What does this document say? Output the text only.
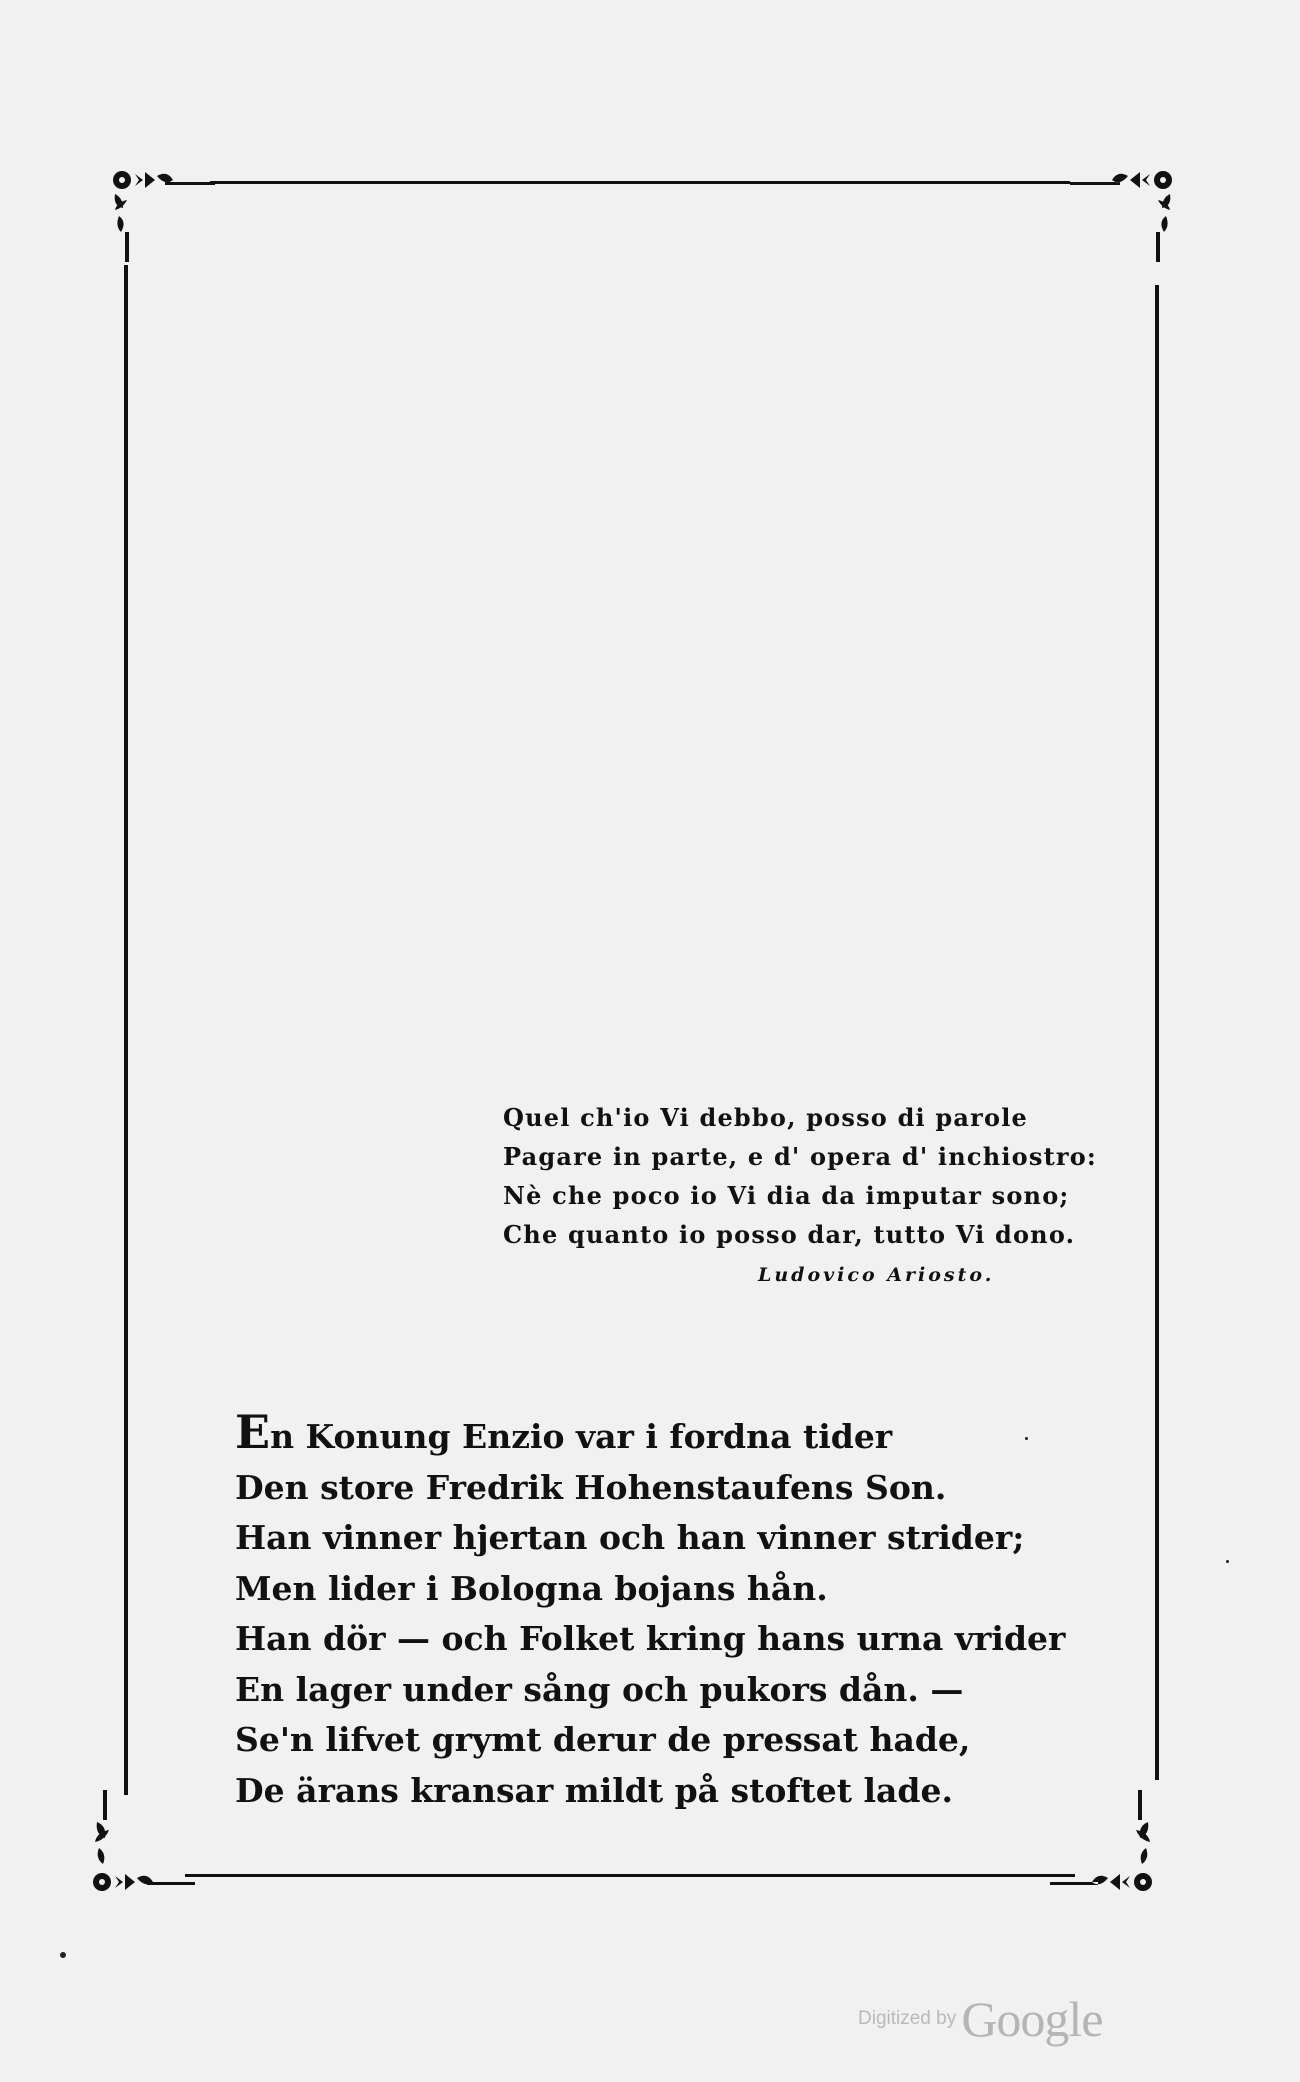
Quel ch'io Vi debbo, posso di parole
Pagare in parte, e d' opera d' inchiostro:
Nè che poco io Vi dia da imputar sono;
Che quanto io posso dar, tutto Vi dono.
Ludovico Ariosto.
En Konung Enzio var i fordna tider
Den store Fredrik Hohenstaufens Son.
Han vinner hjertan och han vinner strider;
Men lider i Bologna bojans hån.
Han dör — och Folket kring hans urna vrider
En lager under sång och pukors dån. —
Se'n lifvet grymt derur de pressat hade,
De ärans kransar mildt på stoftet lade.
Digitized by Google
